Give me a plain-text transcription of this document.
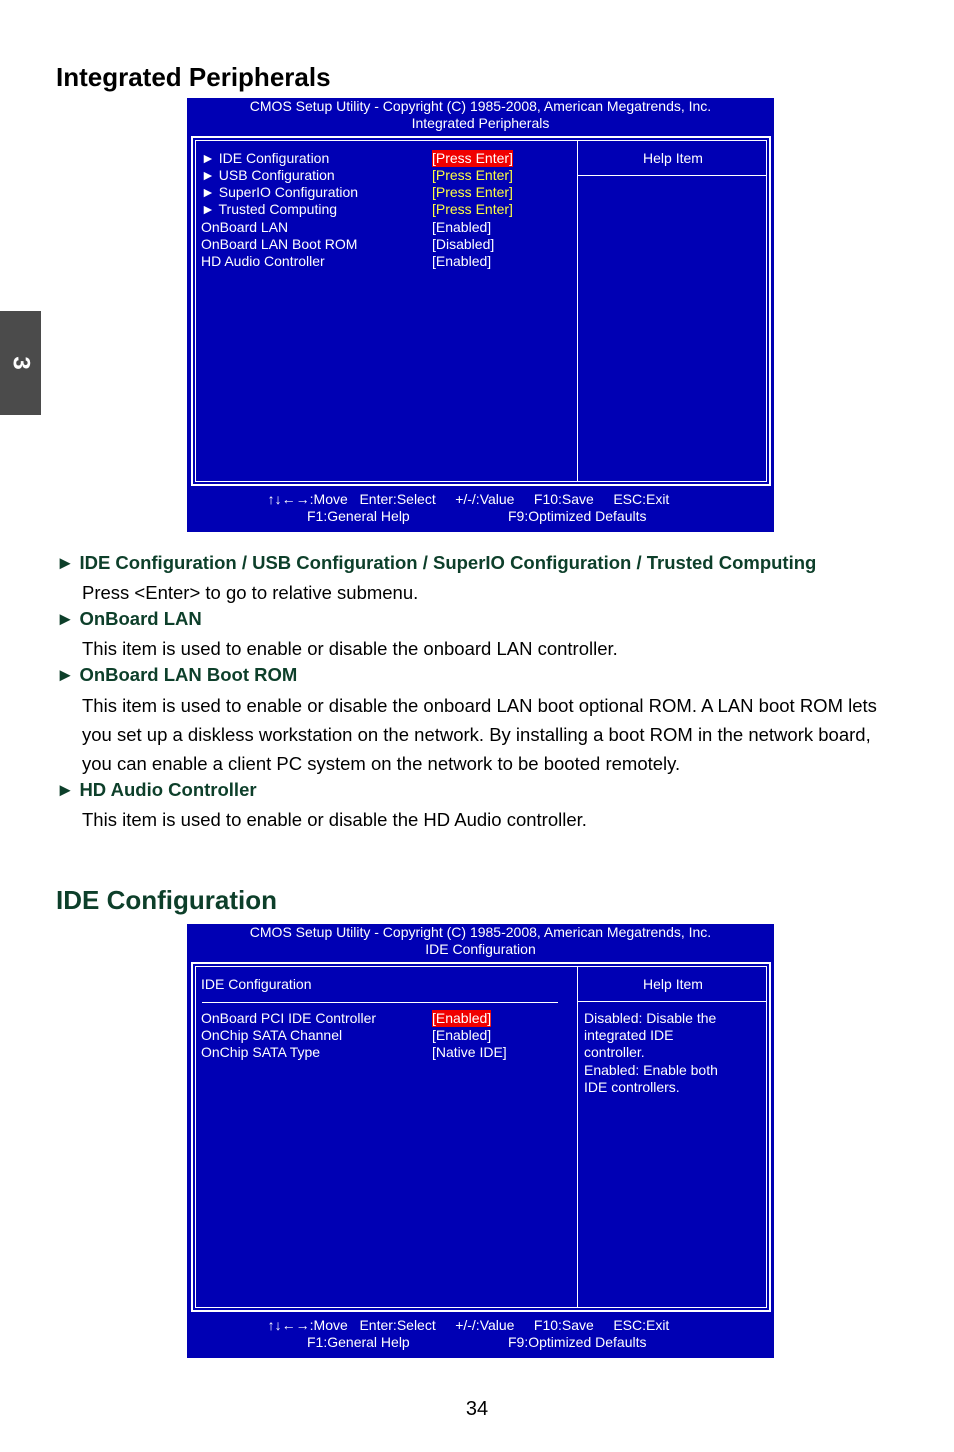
3
Integrated Peripherals
CMOS Setup Utility - Copyright (C) 1985-2008, American Megatrends, Inc.
Integrated Peripherals
Help Item
► IDE Configuration	[Press Enter]
► USB Configuration	[Press Enter]
► SuperIO Configuration	[Press Enter]
► Trusted Computing	[Press Enter]
OnBoard LAN	[Enabled]
OnBoard LAN Boot ROM	[Disabled]
HD Audio Controller	[Enabled]
↑↓←→:Move Enter:Select +/-/:Value F10:Save ESC:Exit
F1:General Help	F9:Optimized Defaults
► IDE Configuration / USB Configuration / SuperIO Configuration / Trusted Computing
Press <Enter> to go to relative submenu.
► OnBoard LAN
This item is used to enable or disable the onboard LAN controller.
► OnBoard LAN Boot ROM
This item is used to enable or disable the onboard LAN boot optional ROM. A LAN boot ROM lets you set up a diskless workstation on the network. By installing a boot ROM in the network board, you can enable a client PC system on the network to be booted remotely.
► HD Audio Controller
This item is used to enable or disable the HD Audio controller.
IDE Configuration
CMOS Setup Utility - Copyright (C) 1985-2008, American Megatrends, Inc.
IDE Configuration
Help Item
IDE Configuration
OnBoard PCI IDE Controller	[Enabled]
OnChip SATA Channel	[Enabled]
OnChip SATA Type	[Native IDE]
Disabled: Disable the
integrated IDE
controller.
Enabled: Enable both
IDE controllers.
↑↓←→:Move Enter:Select +/-/:Value F10:Save ESC:Exit
F1:General Help	F9:Optimized Defaults
34
